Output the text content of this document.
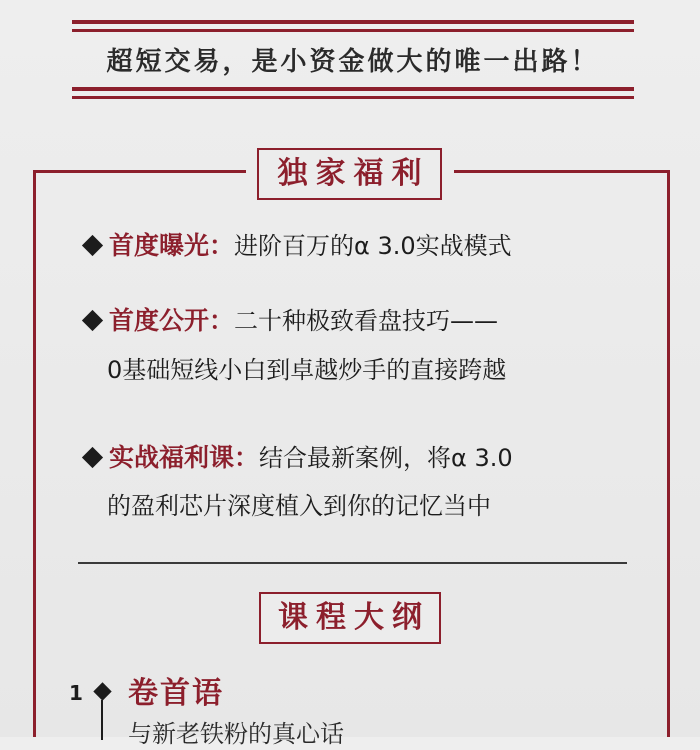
超短交易，是小资金做大的唯一出路！
独家福利
首度曝光：进阶百万的α 3.0实战模式
首度公开：二十种极致看盘技巧——
0基础短线小白到卓越炒手的直接跨越
实战福利课：结合最新案例，将α 3.0
的盈利芯片深度植入到你的记忆当中
课程大纲
1 卷首语
与新老铁粉的真心话
